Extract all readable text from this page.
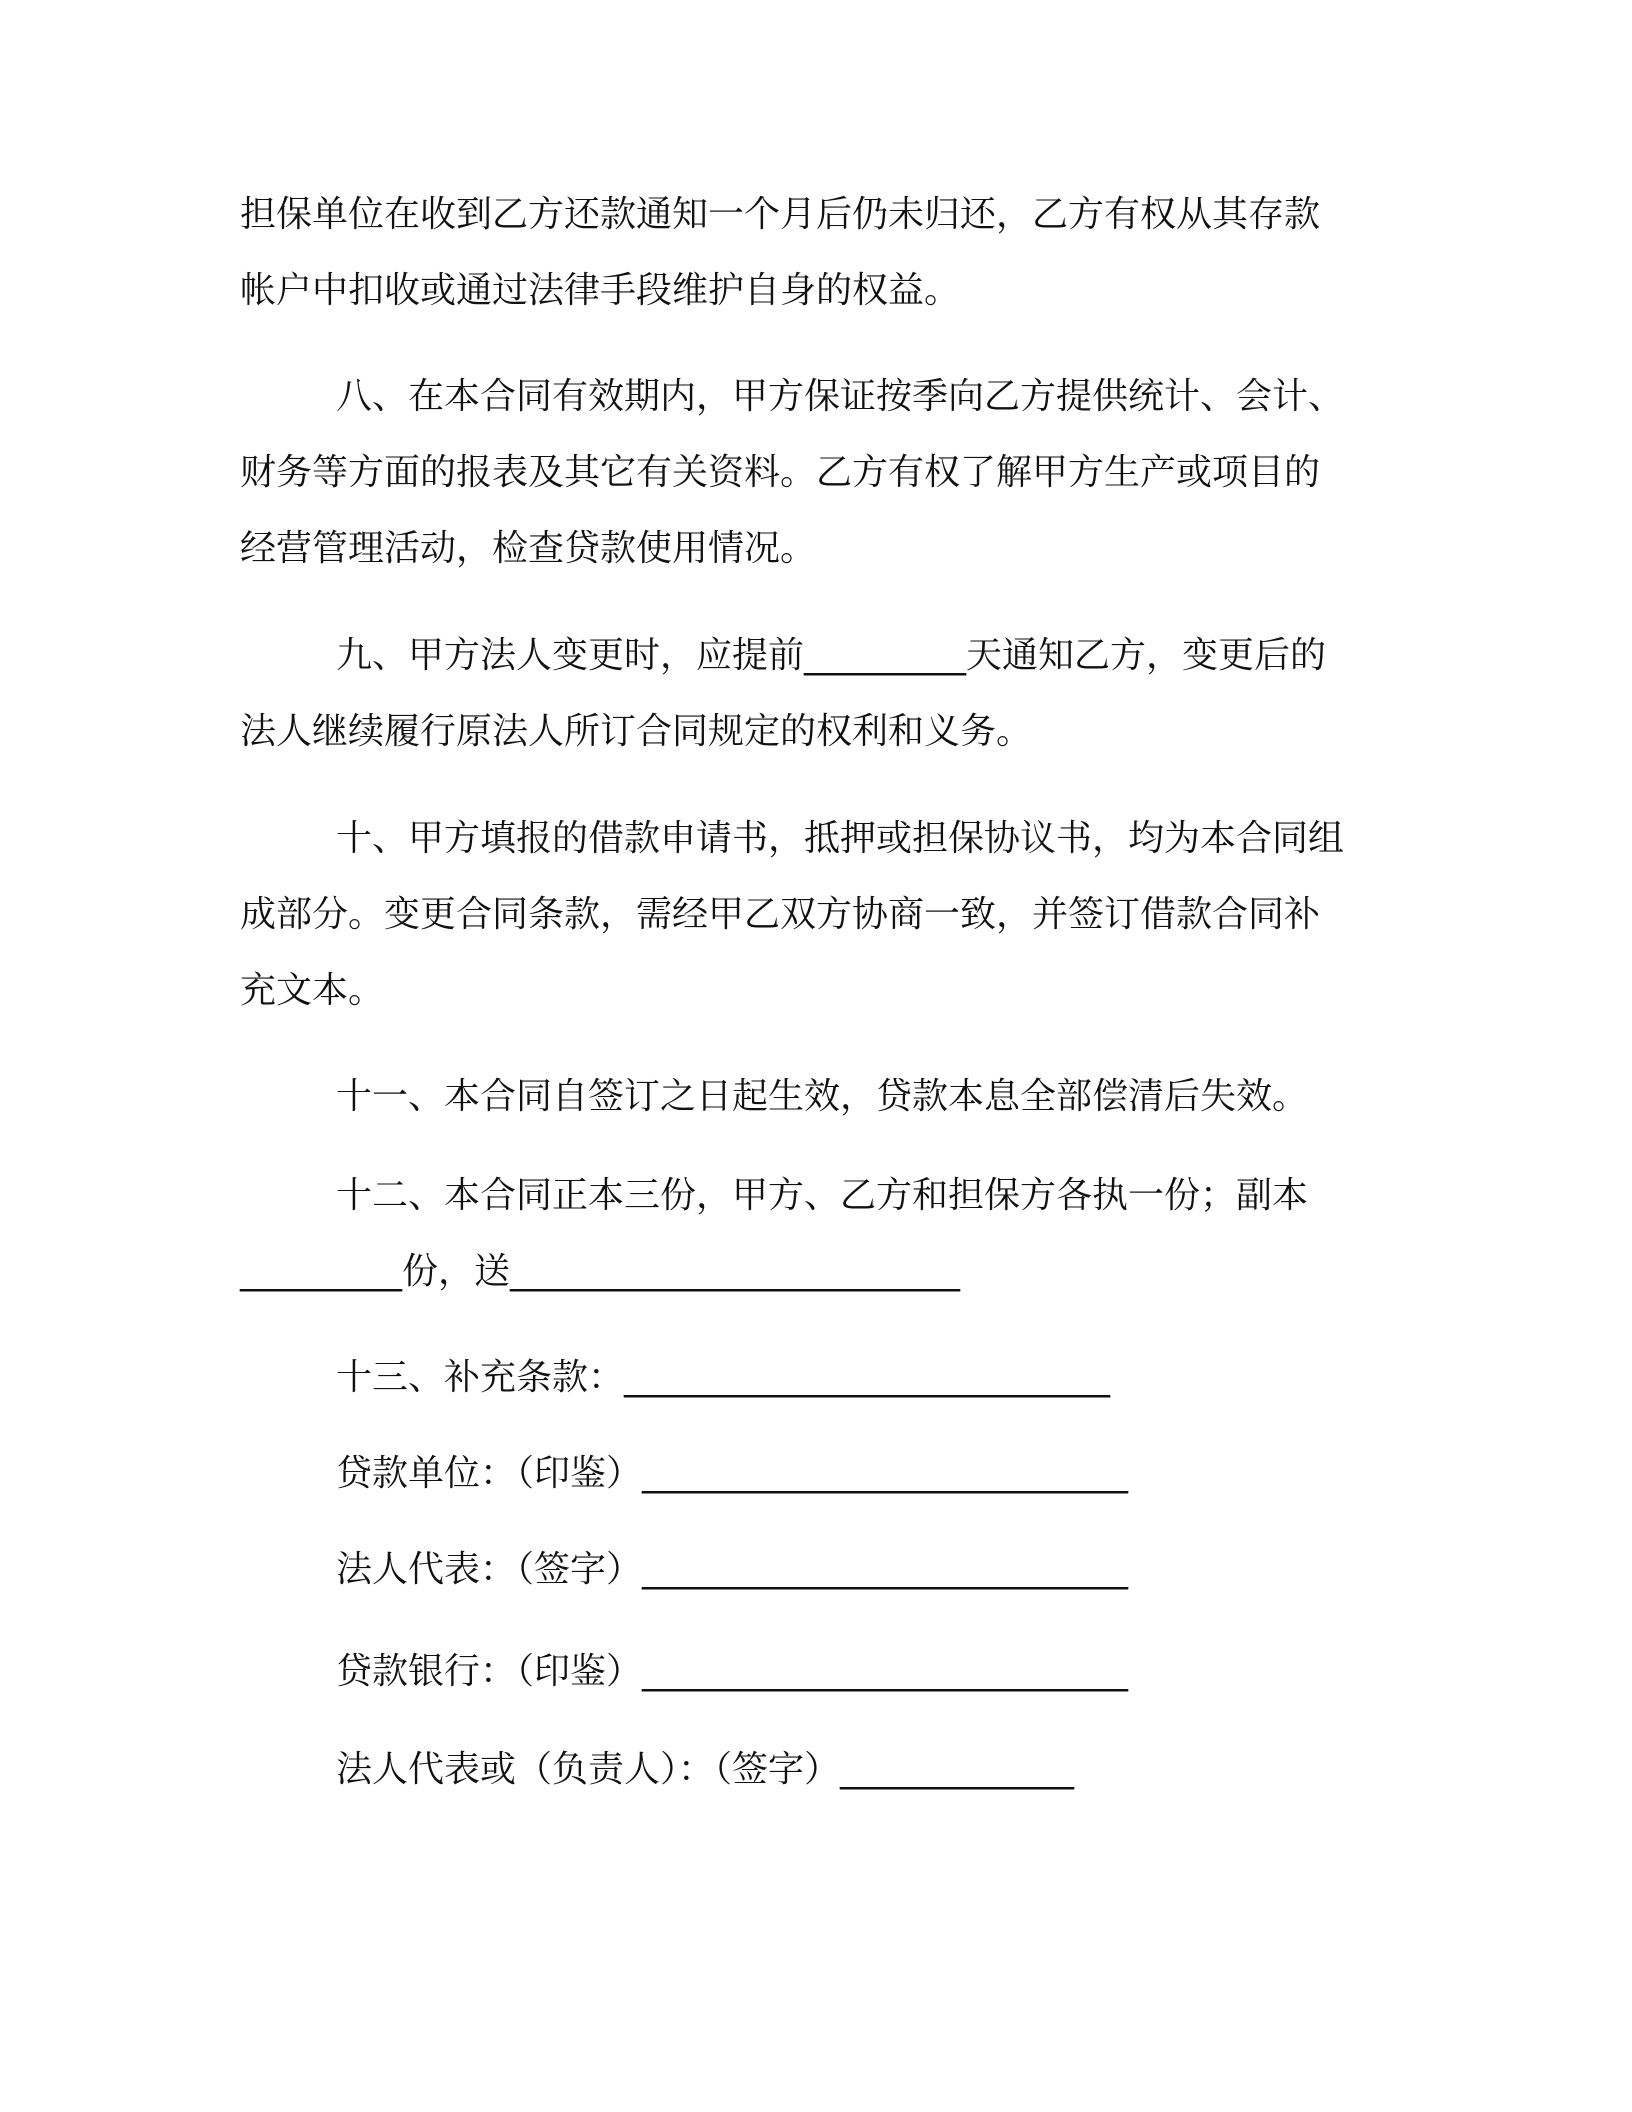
担保单位在收到乙方还款通知一个月后仍未归还，乙方有权从其存款
帐户中扣收或通过法律手段维护自身的权益。
八、在本合同有效期内，甲方保证按季向乙方提供统计、会计、
财务等方面的报表及其它有关资料。乙方有权了解甲方生产或项目的
经营管理活动，检查贷款使用情况。
九、甲方法人变更时，应提前_________天通知乙方，变更后的
法人继续履行原法人所订合同规定的权利和义务。
十、甲方填报的借款申请书，抵押或担保协议书，均为本合同组
成部分。变更合同条款，需经甲乙双方协商一致，并签订借款合同补
充文本。
十一、本合同自签订之日起生效，贷款本息全部偿清后失效。
十二、本合同正本三份，甲方、乙方和担保方各执一份；副本
_________份，送_________________________
十三、补充条款：___________________________
贷款单位：（印鉴）___________________________
法人代表：（签字）___________________________
贷款银行：（印鉴）___________________________
法人代表或（负责人）：（签字）_____________
